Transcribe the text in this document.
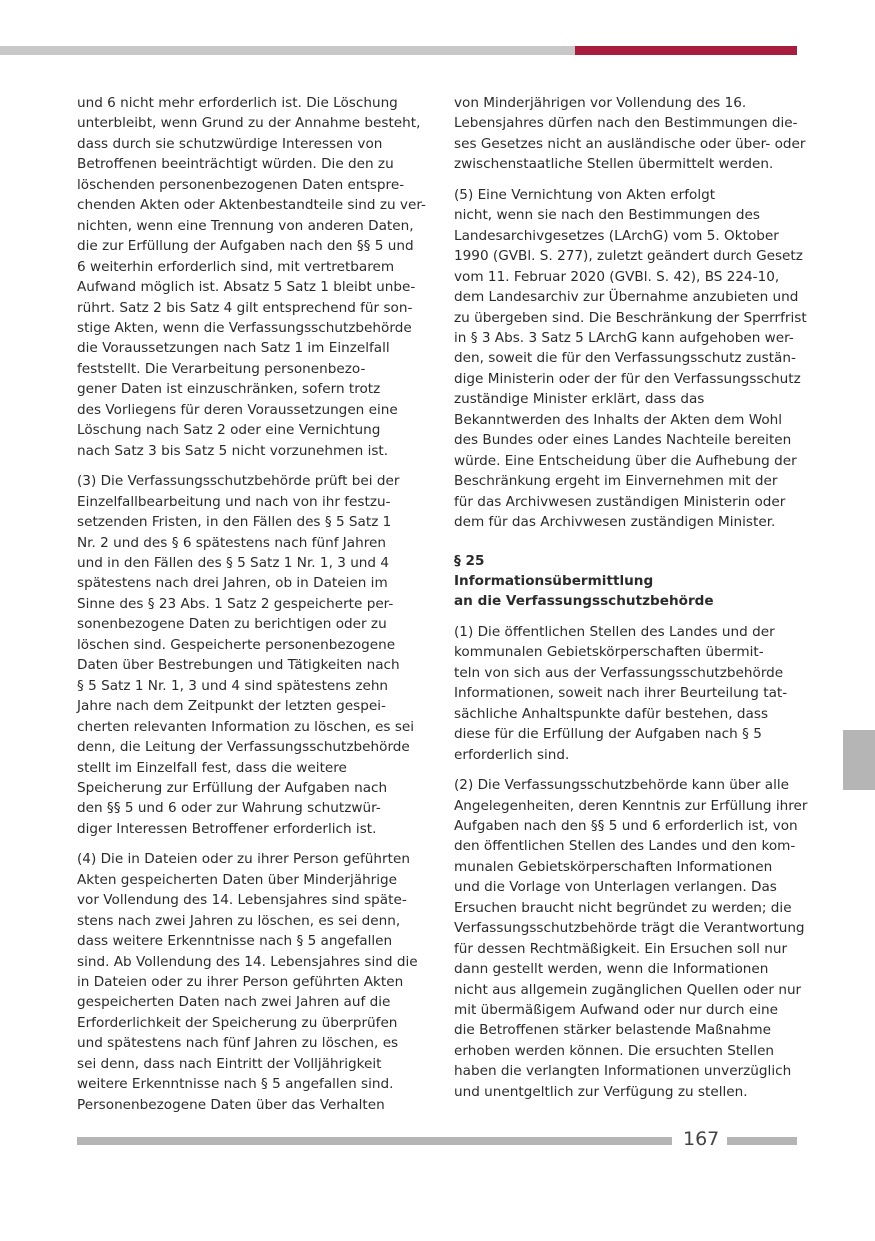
und 6 nicht mehr erforderlich ist. Die Löschung
unterbleibt, wenn Grund zu der Annahme besteht,
dass durch sie schutzwürdige Interessen von
Betroffenen beeinträchtigt würden. Die den zu
löschenden personenbezogenen Daten entspre-
chenden Akten oder Aktenbestandteile sind zu ver-
nichten, wenn eine Trennung von anderen Daten,
die zur Erfüllung der Aufgaben nach den §§ 5 und
6 weiterhin erforderlich sind, mit vertretbarem
Aufwand möglich ist. Absatz 5 Satz 1 bleibt unbe-
rührt. Satz 2 bis Satz 4 gilt entsprechend für son-
stige Akten, wenn die Verfassungsschutzbehörde
die Voraussetzungen nach Satz 1 im Einzelfall
feststellt. Die Verarbeitung personenbezo-
gener Daten ist einzuschränken, sofern trotz
des Vorliegens für deren Voraussetzungen eine
Löschung nach Satz 2 oder eine Vernichtung
nach Satz 3 bis Satz 5 nicht vorzunehmen ist.

(3) Die Verfassungsschutzbehörde prüft bei der
Einzelfallbearbeitung und nach von ihr festzu-
setzenden Fristen, in den Fällen des § 5 Satz 1
Nr. 2 und des § 6 spätestens nach fünf Jahren
und in den Fällen des § 5 Satz 1 Nr. 1, 3 und 4
spätestens nach drei Jahren, ob in Dateien im
Sinne des § 23 Abs. 1 Satz 2 gespeicherte per-
sonenbezogene Daten zu berichtigen oder zu
löschen sind. Gespeicherte personenbezogene
Daten über Bestrebungen und Tätigkeiten nach
§ 5 Satz 1 Nr. 1, 3 und 4 sind spätestens zehn
Jahre nach dem Zeitpunkt der letzten gespei-
cherten relevanten Information zu löschen, es sei
denn, die Leitung der Verfassungsschutzbehörde
stellt im Einzelfall fest, dass die weitere
Speicherung zur Erfüllung der Aufgaben nach
den §§ 5 und 6 oder zur Wahrung schutzwür-
diger Interessen Betroffener erforderlich ist.

(4) Die in Dateien oder zu ihrer Person geführten
Akten gespeicherten Daten über Minderjährige
vor Vollendung des 14. Lebensjahres sind späte-
stens nach zwei Jahren zu löschen, es sei denn,
dass weitere Erkenntnisse nach § 5 angefallen
sind. Ab Vollendung des 14. Lebensjahres sind die
in Dateien oder zu ihrer Person geführten Akten
gespeicherten Daten nach zwei Jahren auf die
Erforderlichkeit der Speicherung zu überprüfen
und spätestens nach fünf Jahren zu löschen, es
sei denn, dass nach Eintritt der Volljährigkeit
weitere Erkenntnisse nach § 5 angefallen sind.
Personenbezogene Daten über das Verhalten

von Minderjährigen vor Vollendung des 16.
Lebensjahres dürfen nach den Bestimmungen die-
ses Gesetzes nicht an ausländische oder über- oder
zwischenstaatliche Stellen übermittelt werden.

(5) Eine Vernichtung von Akten erfolgt
nicht, wenn sie nach den Bestimmungen des
Landesarchivgesetzes (LArchG) vom 5. Oktober
1990 (GVBl. S. 277), zuletzt geändert durch Gesetz
vom 11. Februar 2020 (GVBl. S. 42), BS 224-10,
dem Landesarchiv zur Übernahme anzubieten und
zu übergeben sind. Die Beschränkung der Sperrfrist
in § 3 Abs. 3 Satz 5 LArchG kann aufgehoben wer-
den, soweit die für den Verfassungsschutz zustän-
dige Ministerin oder der für den Verfassungsschutz
zuständige Minister erklärt, dass das
Bekanntwerden des Inhalts der Akten dem Wohl
des Bundes oder eines Landes Nachteile bereiten
würde. Eine Entscheidung über die Aufhebung der
Beschränkung ergeht im Einvernehmen mit der
für das Archivwesen zuständigen Ministerin oder
dem für das Archivwesen zuständigen Minister.

§ 25
Informationsübermittlung
an die Verfassungsschutzbehörde

(1) Die öffentlichen Stellen des Landes und der
kommunalen Gebietskörperschaften übermit-
teln von sich aus der Verfassungsschutzbehörde
Informationen, soweit nach ihrer Beurteilung tat-
sächliche Anhaltspunkte dafür bestehen, dass
diese für die Erfüllung der Aufgaben nach § 5
erforderlich sind.

(2) Die Verfassungsschutzbehörde kann über alle
Angelegenheiten, deren Kenntnis zur Erfüllung ihrer
Aufgaben nach den §§ 5 und 6 erforderlich ist, von
den öffentlichen Stellen des Landes und den kom-
munalen Gebietskörperschaften Informationen
und die Vorlage von Unterlagen verlangen. Das
Ersuchen braucht nicht begründet zu werden; die
Verfassungsschutzbehörde trägt die Verantwortung
für dessen Rechtmäßigkeit. Ein Ersuchen soll nur
dann gestellt werden, wenn die Informationen
nicht aus allgemein zugänglichen Quellen oder nur
mit übermäßigem Aufwand oder nur durch eine
die Betroffenen stärker belastende Maßnahme
erhoben werden können. Die ersuchten Stellen
haben die verlangten Informationen unverzüglich
und unentgeltlich zur Verfügung zu stellen.

167
